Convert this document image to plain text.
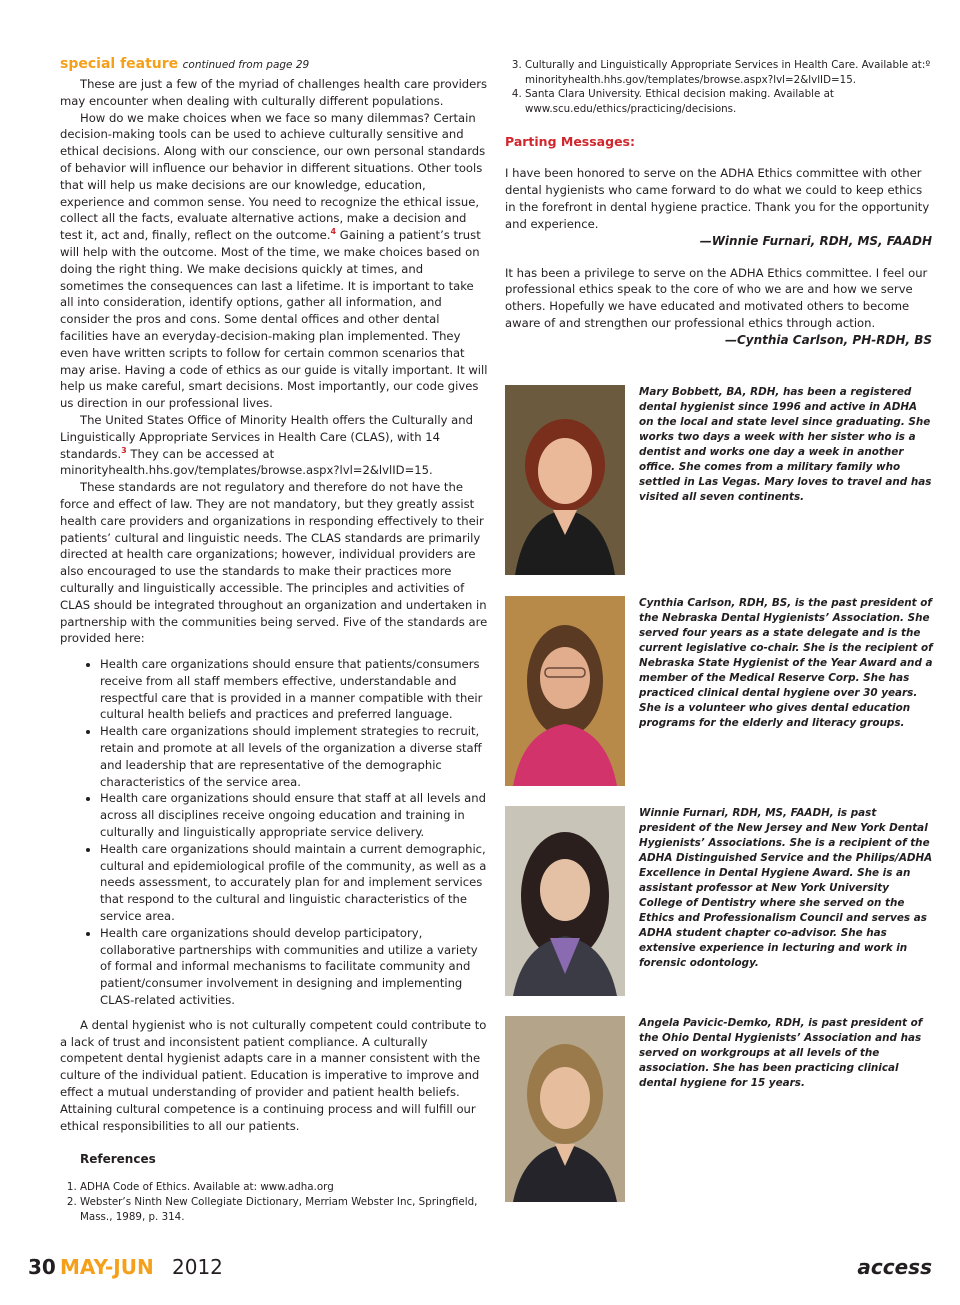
special feature continued from page 29

These are just a few of the myriad of challenges health care providers may encounter when dealing with culturally different populations.

How do we make choices when we face so many dilemmas? Certain decision-making tools can be used to achieve culturally sensitive and ethical decisions. Along with our conscience, our own personal standards of behavior will influence our behavior in different situations. Other tools that will help us make decisions are our knowledge, education, experience and common sense. You need to recognize the ethical issue, collect all the facts, evaluate alternative actions, make a decision and test it, act and, finally, reflect on the outcome.$^4$ Gaining a patient’s trust will help with the outcome. Most of the time, we make choices based on doing the right thing. We make decisions quickly at times, and sometimes the consequences can last a lifetime. It is important to take all into consideration, identify options, gather all information, and consider the pros and cons. Some dental offices and other dental facilities have an everyday-decision-making plan implemented. They even have written scripts to follow for certain common scenarios that may arise. Having a code of ethics as our guide is vitally important. It will help us make careful, smart decisions. Most importantly, our code gives us direction in our professional lives.

The United States Office of Minority Health offers the Culturally and Linguistically Appropriate Services in Health Care (CLAS), with 14 standards.$^3$ They can be accessed at minorityhealth.hhs.gov/templates/browse.aspx?lvl=2&lvlID=15.

These standards are not regulatory and therefore do not have the force and effect of law. They are not mandatory, but they greatly assist health care providers and organizations in responding effectively to their patients’ cultural and linguistic needs. The CLAS standards are primarily directed at health care organizations; however, individual providers are also encouraged to use the standards to make their practices more culturally and linguistically accessible. The principles and activities of CLAS should be integrated throughout an organization and undertaken in partnership with the communities being served. Five of the standards are provided here:

• Health care organizations should ensure that patients/consumers receive from all staff members effective, understandable and respectful care that is provided in a manner compatible with their cultural health beliefs and practices and preferred language.
• Health care organizations should implement strategies to recruit, retain and promote at all levels of the organization a diverse staff and leadership that are representative of the demographic characteristics of the service area.
• Health care organizations should ensure that staff at all levels and across all disciplines receive ongoing education and training in culturally and linguistically appropriate service delivery.
• Health care organizations should maintain a current demographic, cultural and epidemiological profile of the community, as well as a needs assessment, to accurately plan for and implement services that respond to the cultural and linguistic characteristics of the service area.
• Health care organizations should develop participatory, collaborative partnerships with communities and utilize a variety of formal and informal mechanisms to facilitate community and patient/consumer involvement in designing and implementing CLAS-related activities.

A dental hygienist who is not culturally competent could contribute to a lack of trust and inconsistent patient compliance. A culturally competent dental hygienist adapts care in a manner consistent with the culture of the individual patient. Education is imperative to improve and effect a mutual understanding of provider and patient health beliefs. Attaining cultural competence is a continuing process and will fulfill our ethical responsibilities to all our patients.

References
1. ADHA Code of Ethics. Available at: www.adha.org
2. Webster’s Ninth New Collegiate Dictionary, Merriam Webster Inc, Springfield, Mass., 1989, p. 314.
3. Culturally and Linguistically Appropriate Services in Health Care. Available at:º minorityhealth.hhs.gov/templates/browse.aspx?lvl=2&lvlID=15.
4. Santa Clara University. Ethical decision making. Available at www.scu.edu/ethics/practicing/decisions.
Parting Messages:

I have been honored to serve on the ADHA Ethics committee with other dental hygienists who came forward to do what we could to keep ethics in the forefront in dental hygiene practice. Thank you for the opportunity and experience.

—Winnie Furnari, RDH, MS, FAADH

It has been a privilege to serve on the ADHA Ethics committee. I feel our professional ethics speak to the core of who we are and how we serve others. Hopefully we have educated and motivated others to become aware of and strengthen our professional ethics through action.

—Cynthia Carlson, PH-RDH, BS

Mary Bobbett, BA, RDH, has been a registered dental hygienist since 1996 and active in ADHA on the local and state level since graduating. She works two days a week with her sister who is a dentist and works one day a week in another office. She comes from a military family who settled in Las Vegas. Mary loves to travel and has visited all seven continents.

Cynthia Carlson, RDH, BS, is the past president of the Nebraska Dental Hygienists’ Association. She served four years as a state delegate and is the current legislative co-chair. She is the recipient of Nebraska State Hygienist of the Year Award and a member of the Medical Reserve Corp. She has practiced clinical dental hygiene over 30 years. She is a volunteer who gives dental education programs for the elderly and literacy groups.

Winnie Furnari, RDH, MS, FAADH, is past president of the New Jersey and New York Dental Hygienists’ Associations. She is a recipient of the ADHA Distinguished Service and the Philips/ADHA Excellence in Dental Hygiene Award. She is an assistant professor at New York University College of Dentistry where she served on the Ethics and Professionalism Council and serves as ADHA student chapter co-advisor. She has extensive experience in lecturing and work in forensic odontology.

Angela Pavicic-Demko, RDH, is past president of the Ohio Dental Hygienists’ Association and has served on workgroups at all levels of the association. She has been practicing clinical dental hygiene for 15 years.

30 MAY-JUN 2012	access
